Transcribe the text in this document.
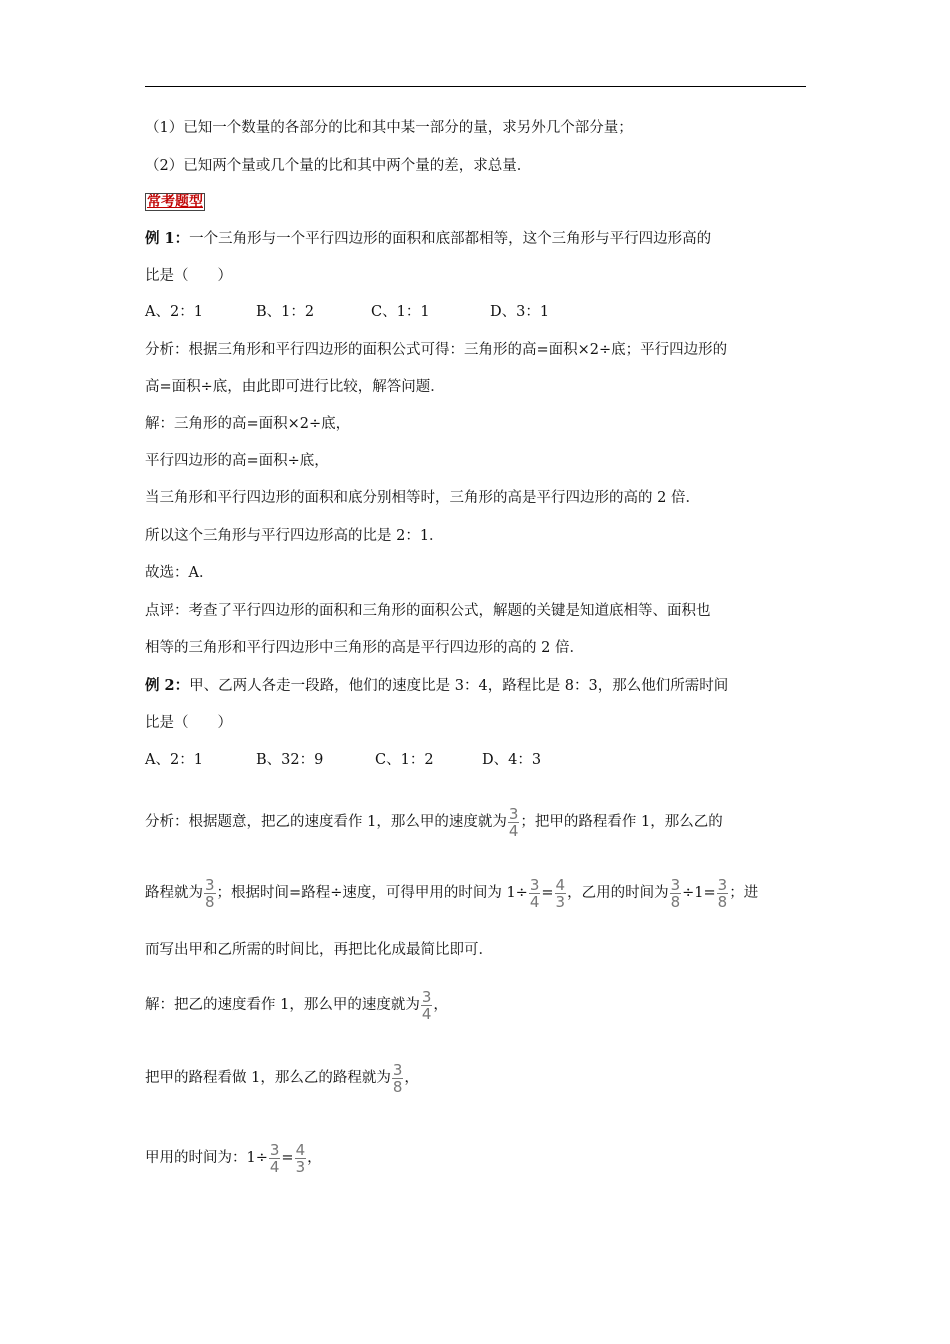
（1）已知一个数量的各部分的比和其中某一部分的量，求另外几个部分量；
（2）已知两个量或几个量的比和其中两个量的差，求总量．
常考题型
例 1：一个三角形与一个平行四边形的面积和底部都相等，这个三角形与平行四边形高的
比是（　　）
A、2：1	B、1：2	C、1：1	D、3：1
分析：根据三角形和平行四边形的面积公式可得：三角形的高=面积×2÷底；平行四边形的
高=面积÷底，由此即可进行比较，解答问题．
解：三角形的高=面积×2÷底，
平行四边形的高=面积÷底，
当三角形和平行四边形的面积和底分别相等时，三角形的高是平行四边形的高的 2 倍．
所以这个三角形与平行四边形高的比是 2：1．
故选：A．
点评：考查了平行四边形的面积和三角形的面积公式，解题的关键是知道底相等、面积也
相等的三角形和平行四边形中三角形的高是平行四边形的高的 2 倍．
例 2：甲、乙两人各走一段路，他们的速度比是 3：4，路程比是 8：3，那么他们所需时间
比是（　　）
A、2：1	B、32：9	C、1：2	D、4：3
分析：根据题意，把乙的速度看作 1，那么甲的速度就为 $\frac{3}{4}$ ；把甲的路程看作 1，那么乙的
路程就为 $\frac{3}{8}$ ；根据时间=路程÷速度，可得甲用的时间为 $1\div \frac{3}{4} = \frac{4}{3}$ ，乙用的时间为 $\frac{3}{8} \div 1= \frac{3}{8}$ ；进
而写出甲和乙所需的时间比，再把比化成最简比即可．
解：把乙的速度看作 1，那么甲的速度就为 $\frac{3}{4}$ ，
把甲的路程看做 1，那么乙的路程就为 $\frac{3}{8}$ ，
甲用的时间为：$1\div \frac{3}{4} = \frac{4}{3}$ ，
